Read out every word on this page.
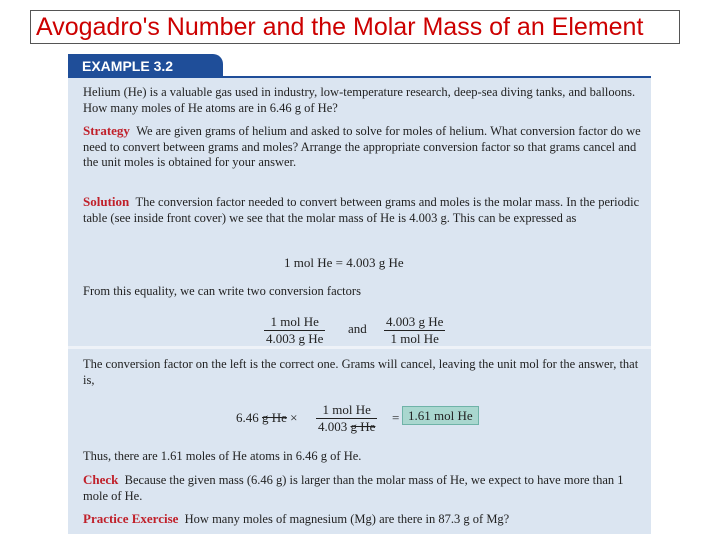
Avogadro's Number and the Molar Mass of an Element
EXAMPLE 3.2

Helium (He) is a valuable gas used in industry, low-temperature research, deep-sea diving tanks, and balloons. How many moles of He atoms are in 6.46 g of He?

Strategy We are given grams of helium and asked to solve for moles of helium. What conversion factor do we need to convert between grams and moles? Arrange the appropriate conversion factor so that grams cancel and the unit moles is obtained for your answer.

Solution The conversion factor needed to convert between grams and moles is the molar mass. In the periodic table (see inside front cover) we see that the molar mass of He is 4.003 g. This can be expressed as

1 mol He = 4.003 g He

From this equality, we can write two conversion factors

1 mol He
4.003 g He
and 4.003 g He
1 mol He

The conversion factor on the left is the correct one. Grams will cancel, leaving the unit mol for the answer, that is,

6.46 g He ×
1 mol He
4.003 g He
= 1.61 mol He

Thus, there are 1.61 moles of He atoms in 6.46 g of He.

Check Because the given mass (6.46 g) is larger than the molar mass of He, we expect to have more than 1 mole of He.

Practice Exercise How many moles of magnesium (Mg) are there in 87.3 g of Mg?
